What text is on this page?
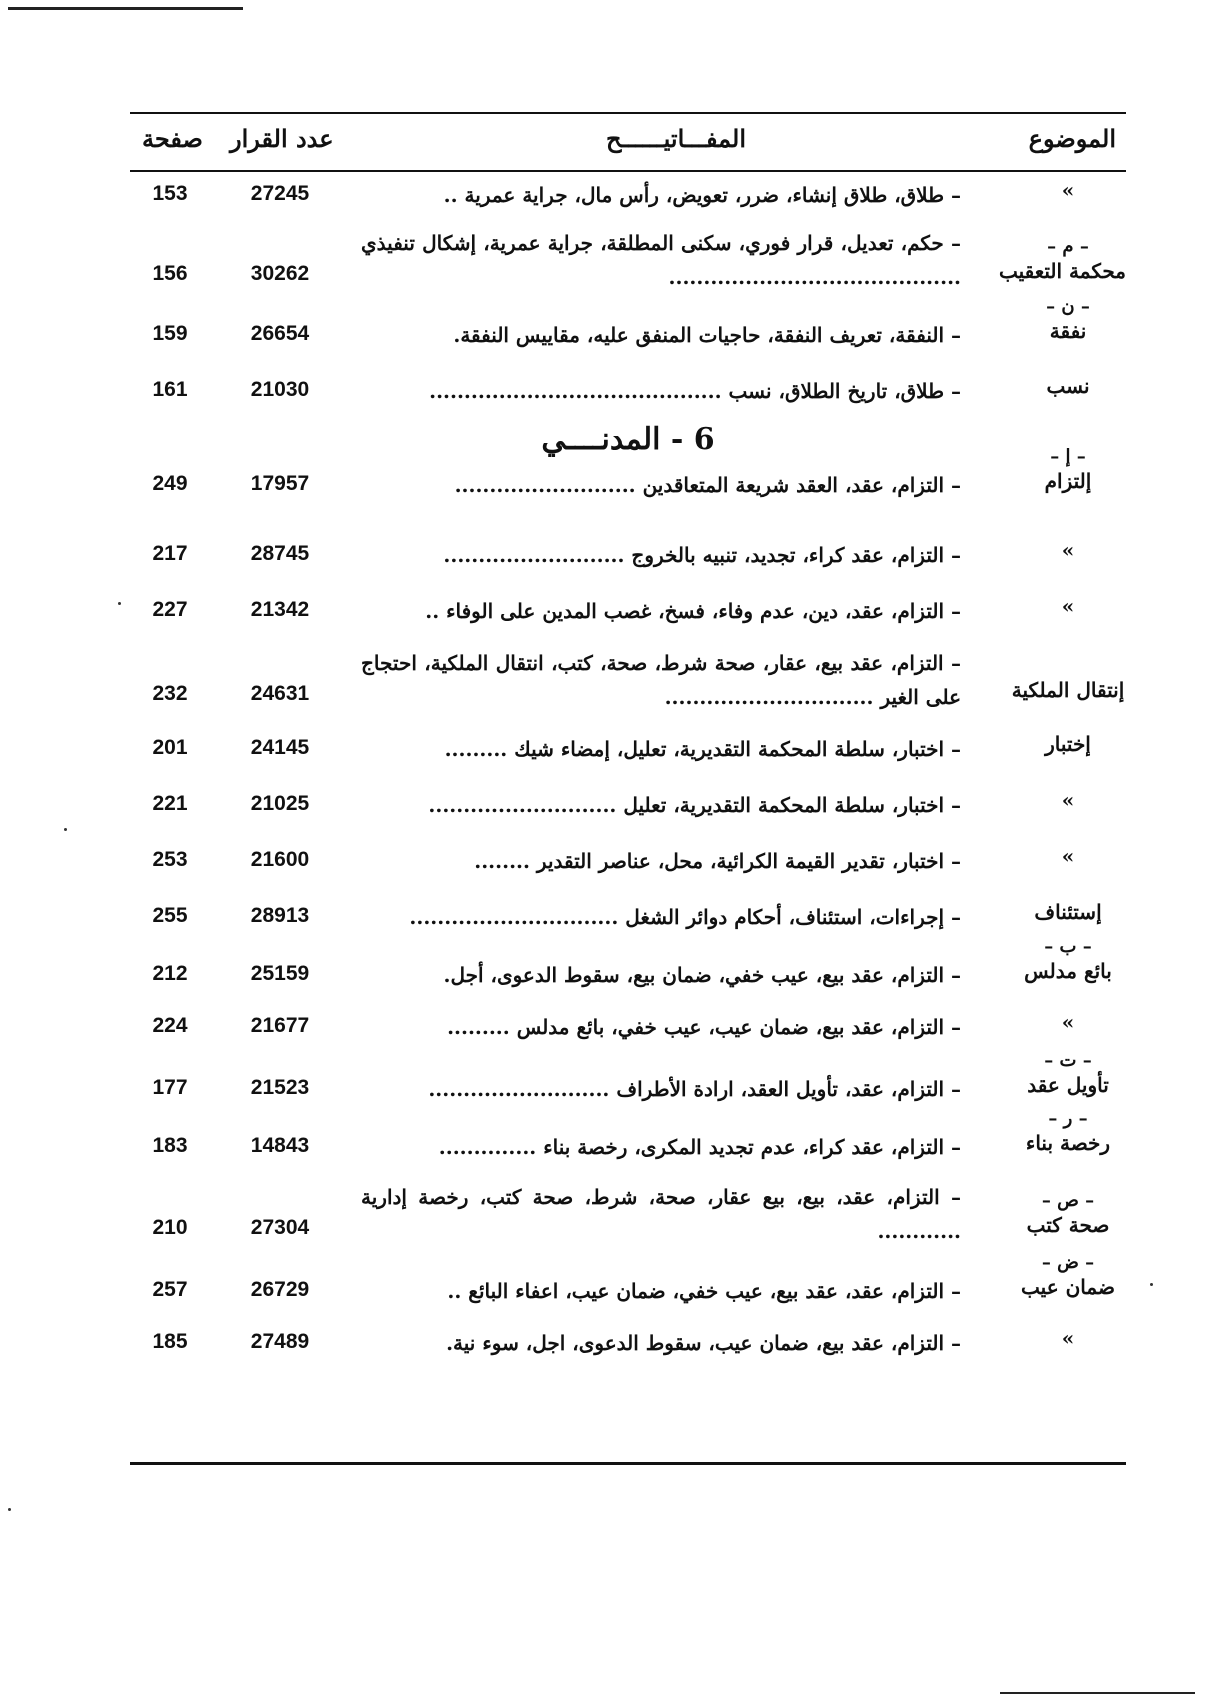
الموضوع
المفـــاتيــــــح
عدد القرار
صفحة
6 - المدنــــي
»
– طلاق، طلاق إنشاء، ضرر، تعويض، رأس مال، جراية عمرية ..
27245
153
– م –
محكمة التعقيب
– حكم، تعديل، قرار فوري، سكنى المطلقة، جراية عمرية، إشكال تنفيذي ..........................................
30262
156
– ن –
نفقة
– النفقة، تعريف النفقة، حاجيات المنفق عليه، مقاييس النفقة.
26654
159
نسب
– طلاق، تاريخ الطلاق، نسب ..........................................
21030
161
– إ –
إلتزام
– التزام، عقد، العقد شريعة المتعاقدين ..........................
17957
249
»
– التزام، عقد كراء، تجديد، تنبيه بالخروج ..........................
28745
217
»
– التزام، عقد، دين، عدم وفاء، فسخ، غصب المدين على الوفاء ..
21342
227
إنتقال الملكية
– التزام، عقد بيع، عقار، صحة شرط، صحة، كتب، انتقال الملكية، احتجاج على الغير ..............................
24631
232
إختبار
– اختبار، سلطة المحكمة التقديرية، تعليل، إمضاء شيك .........
24145
201
»
– اختبار، سلطة المحكمة التقديرية، تعليل ...........................
21025
221
»
– اختبار، تقدير القيمة الكرائية، محل، عناصر التقدير ........
21600
253
إستئناف
– إجراءات، استئناف، أحكام دوائر الشغل ..............................
28913
255
– ب –
بائع مدلس
– التزام، عقد بيع، عيب خفي، ضمان بيع، سقوط الدعوى، أجل.
25159
212
»
– التزام، عقد بيع، ضمان عيب، عيب خفي، بائع مدلس .........
21677
224
– ت –
تأويل عقد
– التزام، عقد، تأويل العقد، ارادة الأطراف ..........................
21523
177
– ر –
رخصة بناء
– التزام، عقد كراء، عدم تجديد المكرى، رخصة بناء ..............
14843
183
– ص –
صحة كتب
– التزام، عقد، بيع، بيع عقار، صحة، شرط، صحة كتب، رخصة إدارية ............
27304
210
– ض –
ضمان عيب
– التزام، عقد، عقد بيع، عيب خفي، ضمان عيب، اعفاء البائع ..
26729
257
»
– التزام، عقد بيع، ضمان عيب، سقوط الدعوى، اجل، سوء نية.
27489
185
